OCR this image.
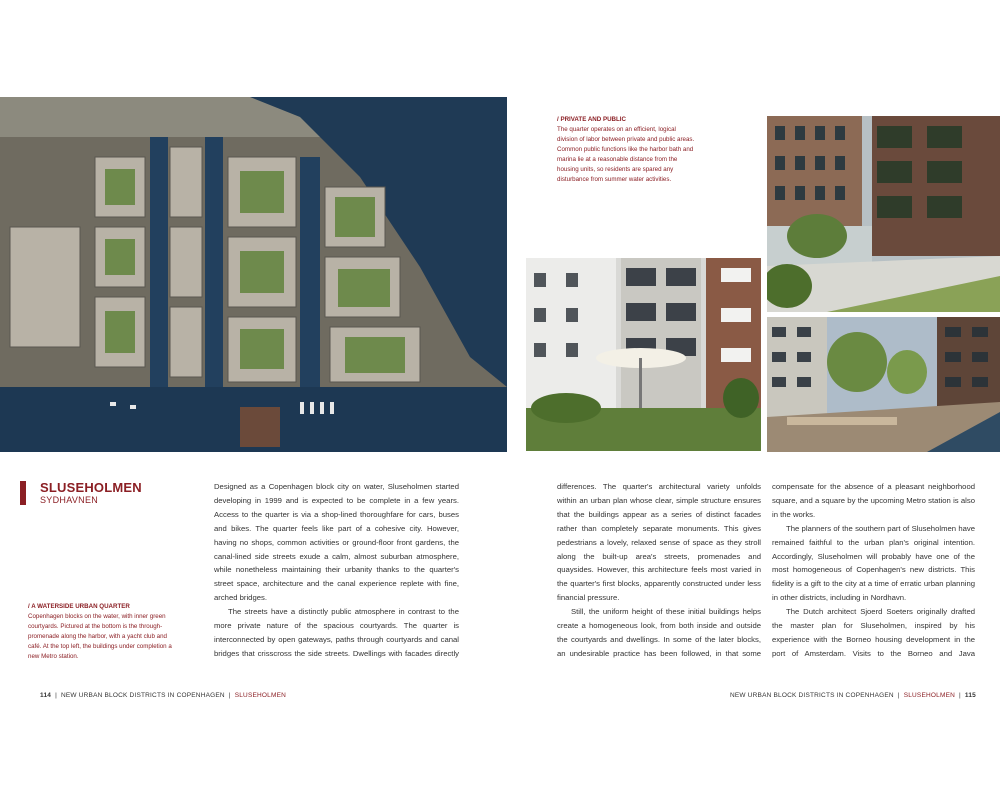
/ PRIVATE AND PUBLIC
The quarter operates on an efficient, logical division of labor between private and public areas. Common public functions like the harbor bath and marina lie at a reasonable distance from the housing units, so residents are spared any disturbance from summer water activities.
SLUSEHOLMEN
SYDHAVNEN
/ A WATERSIDE URBAN QUARTER
Copenhagen blocks on the water, with inner green courtyards. Pictured at the bottom is the through-promenade along the harbor, with a yacht club and café. At the top left, the buildings under completion a new Metro station.

Designed as a Copenhagen block city on water, Sluseholmen started developing in 1999 and is expected to be complete in a few years. Access to the quarter is via a shop-lined thoroughfare for cars, buses and bikes. The quarter feels like part of a cohesive city. However, having no shops, common activities or ground-floor front gardens, the canal-lined side streets exude a calm, almost suburban atmosphere, while nonetheless maintaining their urbanity thanks to the quarter's street space, architecture and the canal experience replete with fine, arched bridges.

The streets have a distinctly public atmosphere in contrast to the more private nature of the spacious courtyards. The quarter is interconnected by open gateways, paths through courtyards and canal bridges that crisscross the side streets. Dwellings with facades directly

differences. The quarter's architectural variety unfolds within an urban plan whose clear, simple structure ensures that the buildings appear as a series of distinct facades rather than completely separate monuments. This gives pedestrians a lovely, relaxed sense of space as they stroll along the built-up area's streets, promenades and quaysides. However, this architecture feels most varied in the quarter's first blocks, apparently constructed under less financial pressure.

Still, the uniform height of these initial buildings helps create a homogeneous look, from both inside and outside the courtyards and dwellings. In some of the later blocks, an undesirable practice has been followed, in that some

compensate for the absence of a pleasant neighborhood square, and a square by the upcoming Metro station is also in the works.

The planners of the southern part of Sluseholmen have remained faithful to the urban plan's original intention. Accordingly, Sluseholmen will probably have one of the most homogeneous of Copenhagen's new districts. This fidelity is a gift to the city at a time of erratic urban planning in other districts, including in Nordhavn.

The Dutch architect Sjoerd Soeters originally drafted the master plan for Sluseholmen, inspired by his experience with the Borneo housing development in the port of Amsterdam. Visits to the Borneo and Java

114 | NEW URBAN BLOCK DISTRICTS IN COPENHAGEN | SLUSEHOLMEN	NEW URBAN BLOCK DISTRICTS IN COPENHAGEN | SLUSEHOLMEN | 115
